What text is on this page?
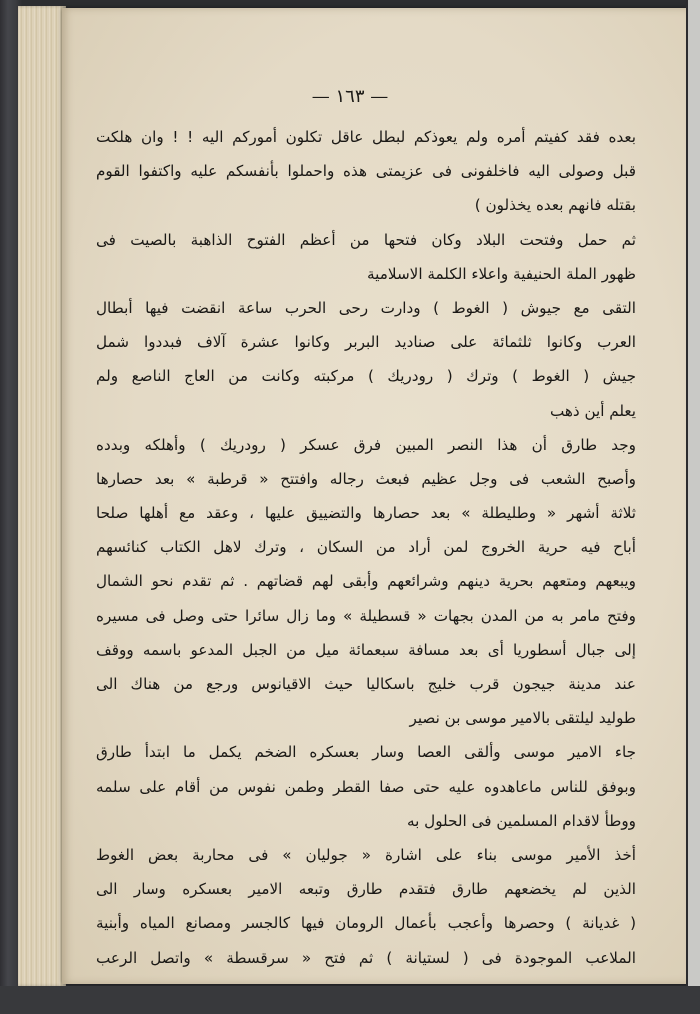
— ١٦٣ —
بعده فقد كفيتم أمره ولم يعوذكم لبطل عاقل تكلون أموركم اليه ! ! وان هلكت
قبل وصولى اليه فاخلفونى فى عزيمتى هذه واحملوا بأنفسكم عليه واكتفوا القوم
بقتله فانهم بعده يخذلون )
ثم حمل وفتحت البلاد وكان فتحها من أعظم الفتوح الذاهبة بالصيت فى
ظهور الملة الحنيفية واعلاء الكلمة الاسلامية
التقى مع جيوش ( الغوط ) ودارت رحى الحرب ساعة انقضت فيها أبطال
العرب وكانوا ثلثمائة على صناديد البربر وكانوا عشرة آلاف فبددوا شمل
جيش ( الغوط ) وترك ( رودريك ) مركبته وكانت من العاج الناصع ولم
يعلم أين ذهب
وجد طارق أن هذا النصر المبين فرق عسكر ( رودريك ) وأهلكه وبدده
وأصبح الشعب فى وجل عظيم فبعث رجاله وافتتح « قرطبة » بعد حصارها
ثلاثة أشهر « وطليطلة » بعد حصارها والتضييق عليها ، وعقد مع أهلها صلحا
أباح فيه حرية الخروج لمن أراد من السكان ، وترك لاهل الكتاب كنائسهم
ويبعهم ومتعهم بحرية دينهم وشرائعهم وأبقى لهم قضاتهم . ثم تقدم نحو الشمال
وفتح مامر به من المدن بجهات « قسطيلة » وما زال سائرا حتى وصل فى مسيره
إلى جبال أسطوريا أى بعد مسافة سبعمائة ميل من الجبل المدعو باسمه ووقف
عند مدينة جيجون قرب خليج باسكاليا حيث الاقيانوس ورجع من هناك الى
طوليد ليلتقى بالامير موسى بن نصير
جاء الامير موسى وألقى العصا وسار بعسكره الضخم يكمل ما ابتدأ طارق
وبوفق للناس ماعاهدوه عليه حتى صفا القطر وطمن نفوس من أقام على سلمه
ووطأ لاقدام المسلمين فى الحلول به
أخذ الأمير موسى بناء على اشارة « جوليان » فى محاربة بعض الغوط
الذين لم يخضعهم طارق فتقدم طارق وتبعه الامير بعسكره وسار الى
( غديانة ) وحصرها وأعجب بأعمال الرومان فيها كالجسر ومصانع المياه وأبنية
الملاعب الموجودة فى ( لستيانة ) ثم فتح « سرقسطة » واتصل الرعب
